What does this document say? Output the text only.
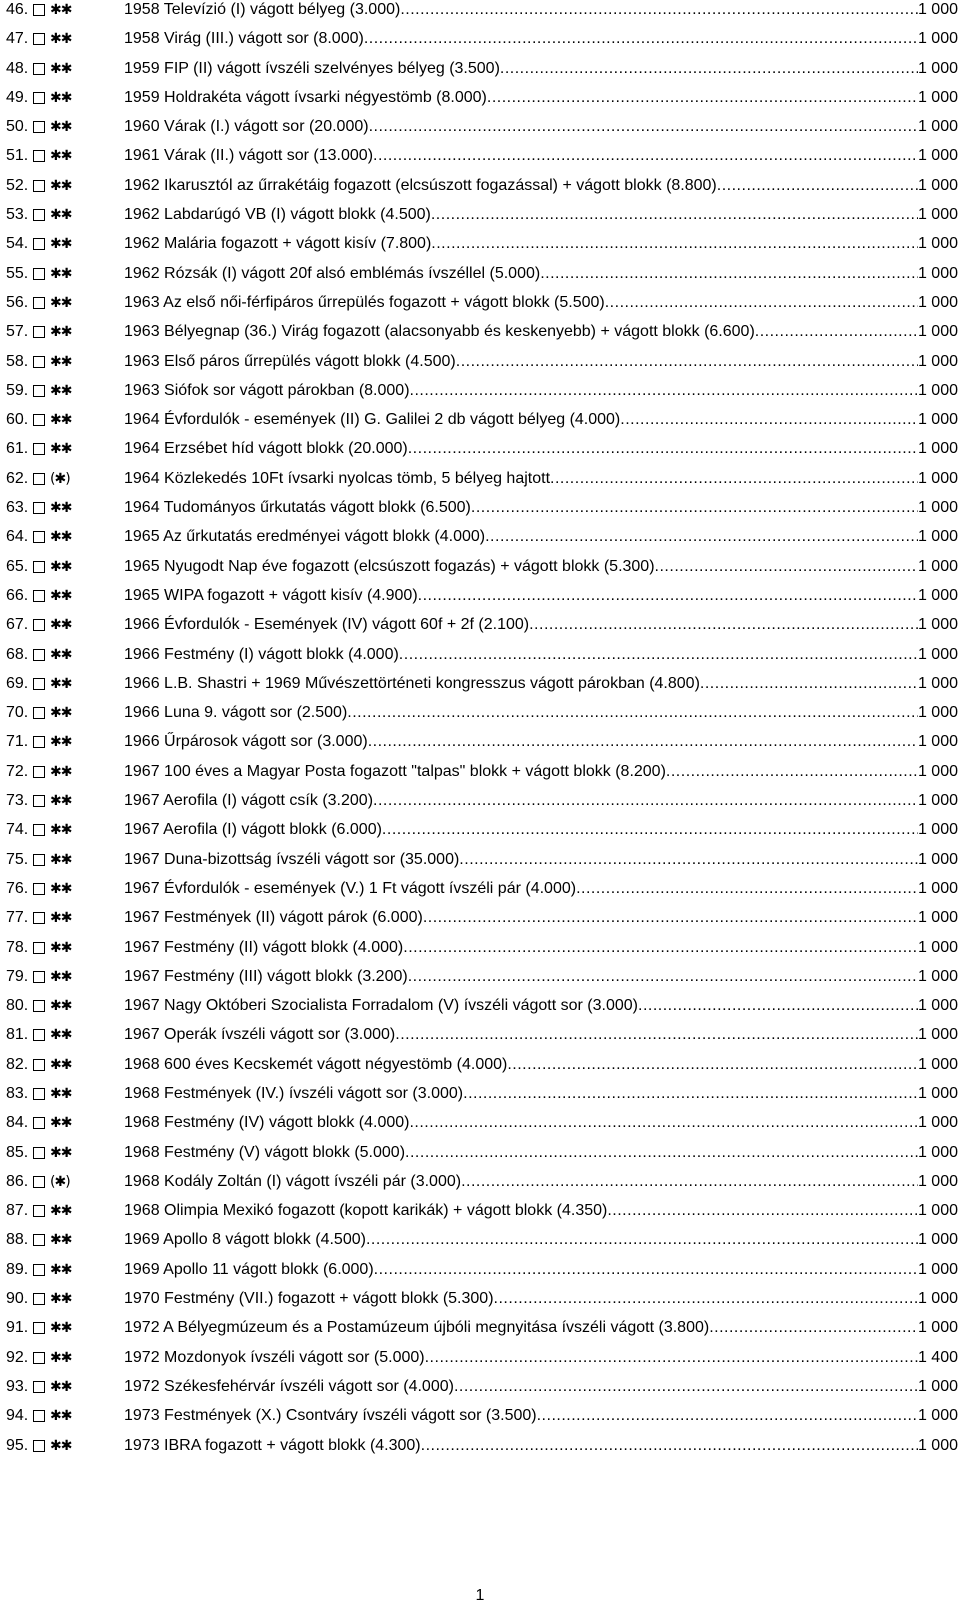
46.	✱✱	1958 Televízió (I) vágott bélyeg (3.000) .....	1 000
47.	✱✱	1958 Virág (III.) vágott sor (8.000) .....	1 000
48.	✱✱	1959 FIP (II) vágott ívszéli szelvényes bélyeg (3.500) .....	1 000
49.	✱✱	1959 Holdrakéta vágott ívsarki négyestömb (8.000) .....	1 000
50.	✱✱	1960 Várak (I.) vágott sor (20.000) .....	1 000
51.	✱✱	1961 Várak (II.) vágott sor (13.000) .....	1 000
52.	✱✱	1962 Ikarusztól az űrrakétáig fogazott (elcsúszott fogazással) + vágott blokk (8.800) .....	1 000
53.	✱✱	1962 Labdarúgó VB (I) vágott blokk (4.500) .....	1 000
54.	✱✱	1962 Malária fogazott + vágott kisív (7.800) .....	1 000
55.	✱✱	1962 Rózsák (I) vágott 20f alsó emblémás ívszéllel (5.000) .....	1 000
56.	✱✱	1963 Az első női-férfipáros űrrepülés fogazott + vágott blokk (5.500) .....	1 000
57.	✱✱	1963 Bélyegnap (36.) Virág fogazott (alacsonyabb és keskenyebb) + vágott blokk (6.600) .....	1 000
58.	✱✱	1963 Első páros űrrepülés vágott blokk (4.500) .....	1 000
59.	✱✱	1963 Siófok sor vágott párokban (8.000) .....	1 000
60.	✱✱	1964 Évfordulók - események (II) G. Galilei 2 db vágott bélyeg (4.000) .....	1 000
61.	✱✱	1964 Erzsébet híd vágott blokk (20.000) .....	1 000
62.	(✱)	1964 Közlekedés 10Ft ívsarki nyolcas tömb, 5 bélyeg hajtott .....	1 000
63.	✱✱	1964 Tudományos űrkutatás vágott blokk (6.500) .....	1 000
64.	✱✱	1965 Az űrkutatás eredményei vágott blokk (4.000) .....	1 000
65.	✱✱	1965 Nyugodt Nap éve fogazott (elcsúszott fogazás) + vágott blokk (5.300) .....	1 000
66.	✱✱	1965 WIPA fogazott + vágott kisív (4.900) .....	1 000
67.	✱✱	1966 Évfordulók - Események (IV) vágott 60f + 2f (2.100) .....	1 000
68.	✱✱	1966 Festmény (I) vágott blokk (4.000) .....	1 000
69.	✱✱	1966 L.B. Shastri + 1969 Művészettörténeti kongresszus vágott párokban (4.800) .....	1 000
70.	✱✱	1966 Luna 9. vágott sor (2.500) .....	1 000
71.	✱✱	1966 Űrpárosok vágott sor (3.000) .....	1 000
72.	✱✱	1967 100 éves a Magyar Posta fogazott "talpas" blokk + vágott blokk (8.200) .....	1 000
73.	✱✱	1967 Aerofila (I) vágott csík (3.200) .....	1 000
74.	✱✱	1967 Aerofila (I) vágott blokk (6.000) .....	1 000
75.	✱✱	1967 Duna-bizottság ívszéli vágott sor (35.000) .....	1 000
76.	✱✱	1967 Évfordulók - események (V.) 1 Ft vágott ívszéli pár (4.000) .....	1 000
77.	✱✱	1967 Festmények (II) vágott párok (6.000) .....	1 000
78.	✱✱	1967 Festmény (II) vágott blokk (4.000) .....	1 000
79.	✱✱	1967 Festmény (III) vágott blokk (3.200) .....	1 000
80.	✱✱	1967 Nagy Októberi Szocialista Forradalom (V) ívszéli vágott sor (3.000) .....	1 000
81.	✱✱	1967 Operák ívszéli vágott sor (3.000) .....	1 000
82.	✱✱	1968 600 éves Kecskemét vágott négyestömb (4.000) .....	1 000
83.	✱✱	1968 Festmények (IV.) ívszéli vágott sor (3.000) .....	1 000
84.	✱✱	1968 Festmény (IV) vágott blokk (4.000) .....	1 000
85.	✱✱	1968 Festmény (V) vágott blokk (5.000) .....	1 000
86.	(✱)	1968 Kodály Zoltán (I) vágott ívszéli pár (3.000) .....	1 000
87.	✱✱	1968 Olimpia Mexikó fogazott (kopott karikák) + vágott blokk (4.350) .....	1 000
88.	✱✱	1969 Apollo 8 vágott blokk (4.500) .....	1 000
89.	✱✱	1969 Apollo 11 vágott blokk (6.000) .....	1 000
90.	✱✱	1970 Festmény (VII.) fogazott + vágott blokk (5.300) .....	1 000
91.	✱✱	1972 A Bélyegmúzeum és a Postamúzeum újbóli megnyitása ívszéli vágott (3.800) .....	1 000
92.	✱✱	1972 Mozdonyok ívszéli vágott sor (5.000) .....	1 400
93.	✱✱	1972 Székesfehérvár ívszéli vágott sor (4.000) .....	1 000
94.	✱✱	1973 Festmények (X.) Csontváry ívszéli vágott sor (3.500) .....	1 000
95.	✱✱	1973 IBRA fogazott + vágott blokk (4.300) .....	1 000
1
